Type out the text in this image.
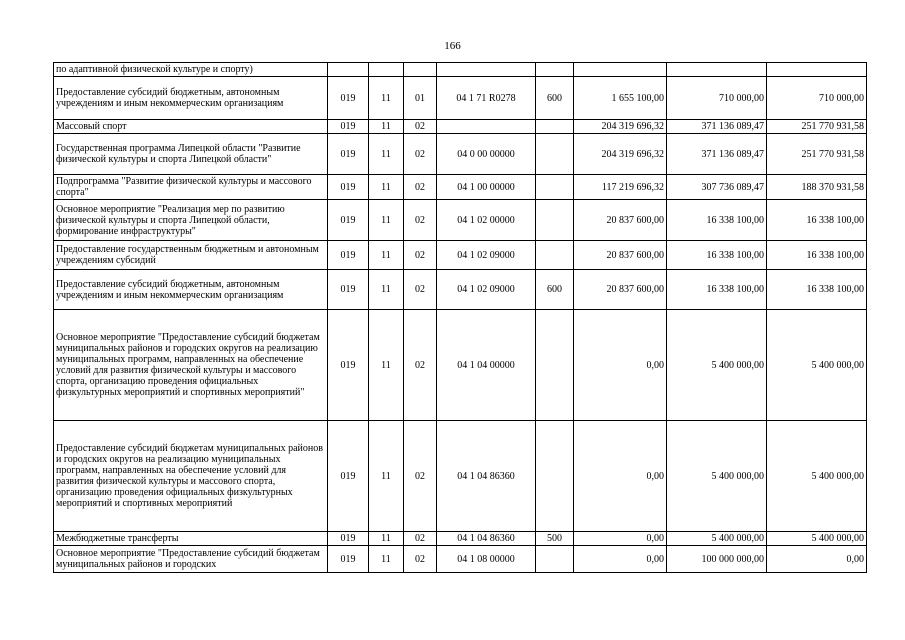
166
по адаптивной физической культуре и спорту)								
Предоставление субсидий бюджетным, автономным учреждениям и иным некоммерческим организациям	019	11	01	04 1 71 R0278	600	1 655 100,00	710 000,00	710 000,00
Массовый спорт	019	11	02			204 319 696,32	371 136 089,47	251 770 931,58
Государственная программа Липецкой области "Развитие физической культуры и спорта Липецкой области"	019	11	02	04 0 00 00000		204 319 696,32	371 136 089,47	251 770 931,58
Подпрограмма "Развитие физической культуры и массового спорта"	019	11	02	04 1 00 00000		117 219 696,32	307 736 089,47	188 370 931,58
Основное мероприятие "Реализация мер по развитию физической культуры и спорта Липецкой области, формирование инфраструктуры"	019	11	02	04 1 02 00000		20 837 600,00	16 338 100,00	16 338 100,00
Предоставление государственным бюджетным и автономным учреждениям субсидий	019	11	02	04 1 02 09000		20 837 600,00	16 338 100,00	16 338 100,00
Предоставление субсидий бюджетным, автономным учреждениям и иным некоммерческим организациям	019	11	02	04 1 02 09000	600	20 837 600,00	16 338 100,00	16 338 100,00
Основное мероприятие "Предоставление субсидий бюджетам муниципальных районов и городских округов на реализацию муниципальных программ, направленных на обеспечение условий для развития физической культуры и массового спорта, организацию проведения официальных физкультурных мероприятий и спортивных мероприятий"	019	11	02	04 1 04 00000		0,00	5 400 000,00	5 400 000,00
Предоставление субсидий бюджетам муниципальных районов и городских округов на реализацию муниципальных программ, направленных на обеспечение условий для развития физической культуры и массового спорта, организацию проведения официальных физкультурных мероприятий и спортивных мероприятий	019	11	02	04 1 04 86360		0,00	5 400 000,00	5 400 000,00
Межбюджетные трансферты	019	11	02	04 1 04 86360	500	0,00	5 400 000,00	5 400 000,00
Основное мероприятие "Предоставление субсидий бюджетам муниципальных районов и городских	019	11	02	04 1 08 00000		0,00	100 000 000,00	0,00
